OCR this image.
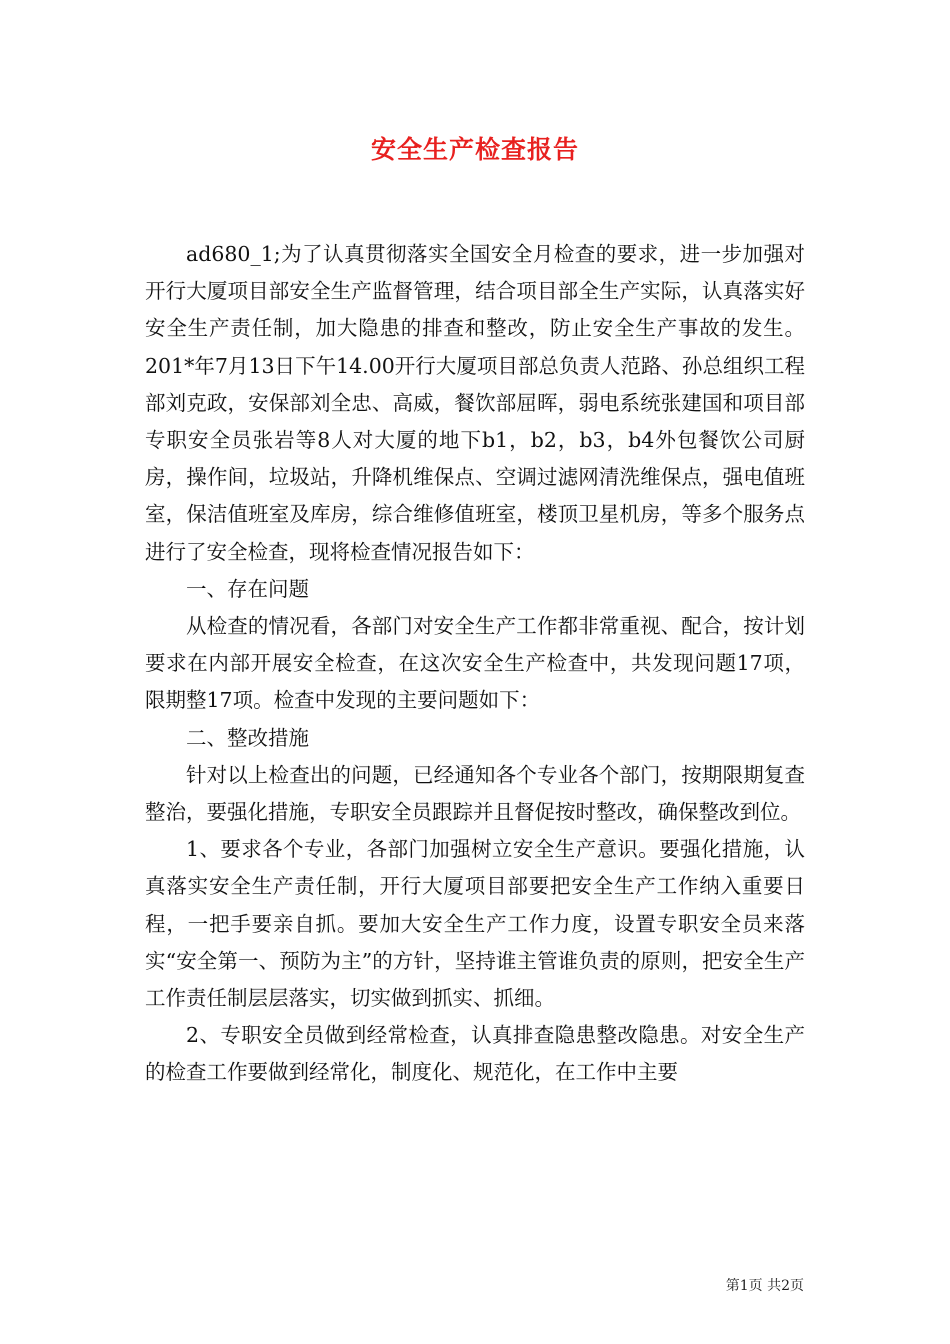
安全生产检查报告

ad680_1;为了认真贯彻落实全国安全月检查的要求，进一步加强对开行大厦项目部安全生产监督管理，结合项目部全生产实际，认真落实好安全生产责任制，加大隐患的排查和整改，防止安全生产事故的发生。201*年7月13日下午14.00开行大厦项目部总负责人范路、孙总组织工程部刘克政，安保部刘全忠、高威，餐饮部屈晖，弱电系统张建国和项目部专职安全员张岩等8人对大厦的地下b1，b2，b3，b4外包餐饮公司厨房，操作间，垃圾站，升降机维保点、空调过滤网清洗维保点，强电值班室，保洁值班室及库房，综合维修值班室，楼顶卫星机房，等多个服务点进行了安全检查，现将检查情况报告如下：

一、存在问题

从检查的情况看，各部门对安全生产工作都非常重视、配合，按计划要求在内部开展安全检查，在这次安全生产检查中，共发现问题17项，限期整17项。检查中发现的主要问题如下：

二、整改措施

针对以上检查出的问题，已经通知各个专业各个部门，按期限期复查整治，要强化措施，专职安全员跟踪并且督促按时整改，确保整改到位。

1、要求各个专业，各部门加强树立安全生产意识。要强化措施，认真落实安全生产责任制，开行大厦项目部要把安全生产工作纳入重要日程，一把手要亲自抓。要加大安全生产工作力度，设置专职安全员来落实“安全第一、预防为主”的方针，坚持谁主管谁负责的原则，把安全生产工作责任制层层落实，切实做到抓实、抓细。

2、专职安全员做到经常检查，认真排查隐患整改隐患。对安全生产的检查工作要做到经常化，制度化、规范化，在工作中主要

第1页 共2页
